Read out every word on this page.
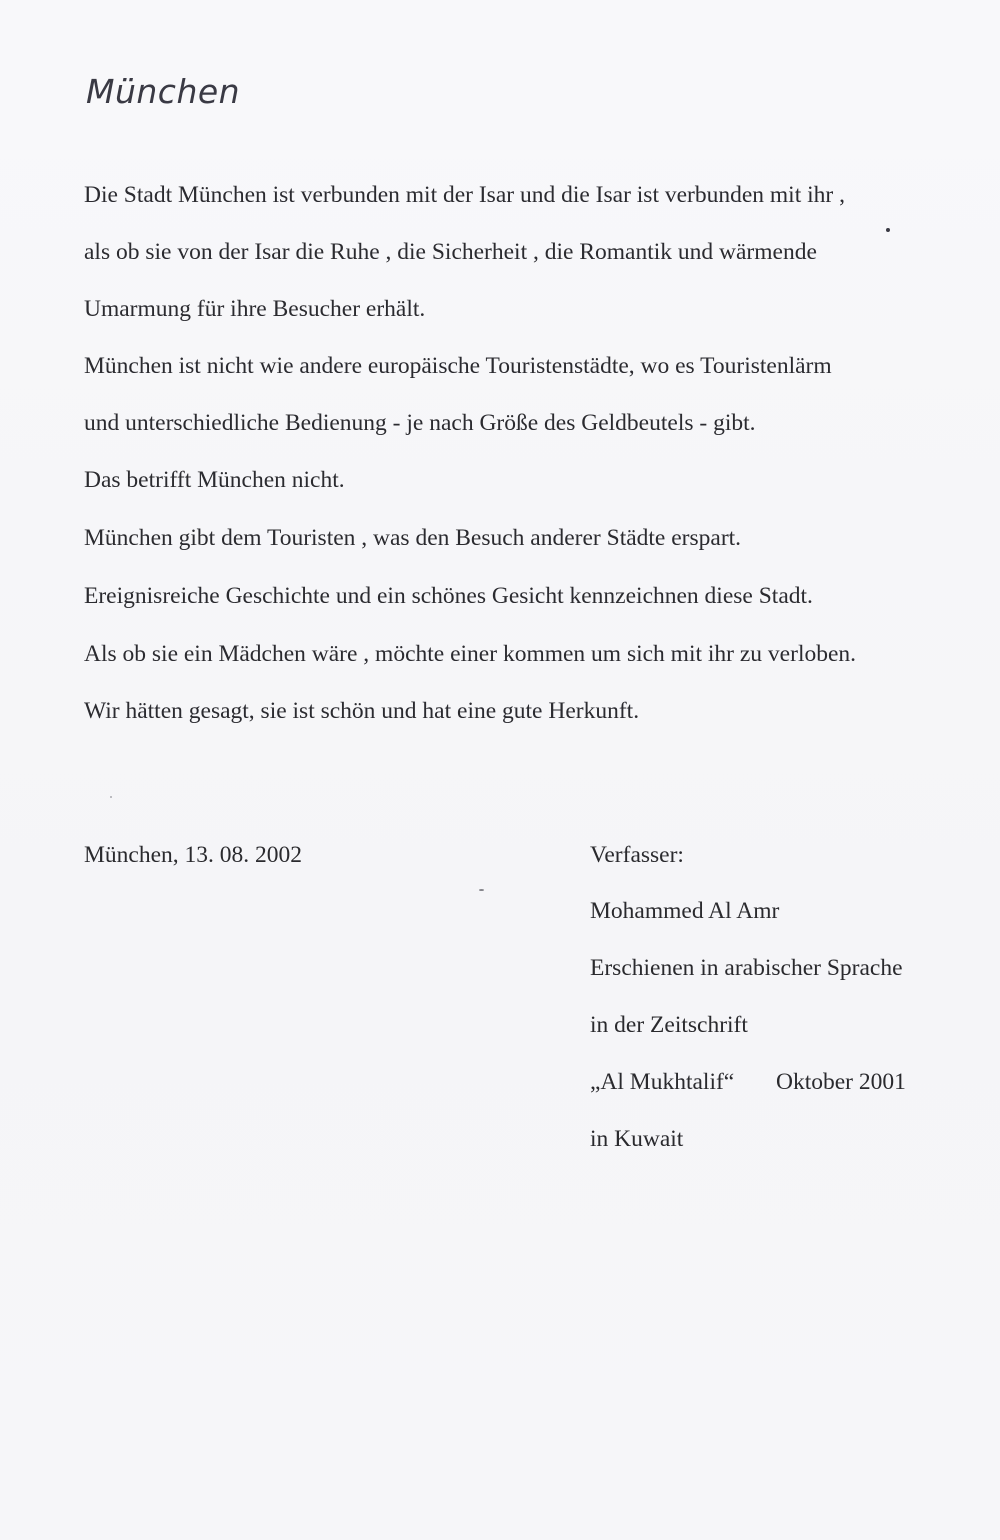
München

Die Stadt München ist verbunden mit der Isar und die Isar ist verbunden mit ihr ,

als ob sie von der Isar die Ruhe , die Sicherheit , die Romantik und wärmende

Umarmung für ihre Besucher erhält.

München ist nicht wie andere europäische Touristenstädte, wo es Touristenlärm

und unterschiedliche Bedienung - je nach Größe des Geldbeutels - gibt.

Das betrifft München nicht.

München gibt dem Touristen , was den Besuch anderer Städte erspart.

Ereignisreiche Geschichte und ein schönes Gesicht kennzeichnen diese Stadt.

Als ob sie ein Mädchen wäre , möchte einer kommen um sich mit ihr zu verloben.

Wir hätten gesagt, sie ist schön und hat eine gute Herkunft.

München, 13. 08. 2002	Verfasser:
Mohammed Al Amr
Erschienen in arabischer Sprache
in der Zeitschrift
„Al Mukhtalif“ Oktober 2001
in Kuwait
